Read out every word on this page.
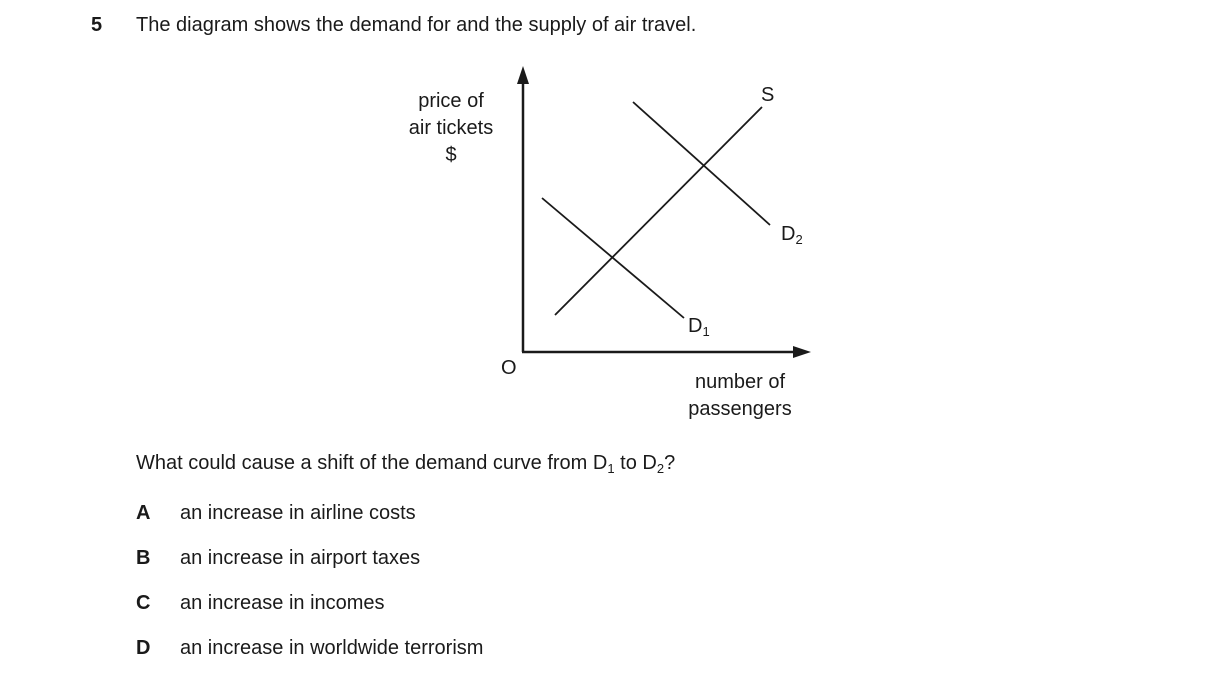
5 The diagram shows the demand for and the supply of air travel.
price of
air tickets
$
O
number of
passengers
S
$D_2$
$D_1$
What could cause a shift of the demand curve from $D_1$ to $D_2$?
A an increase in airline costs
B an increase in airport taxes
C an increase in incomes
D an increase in worldwide terrorism
